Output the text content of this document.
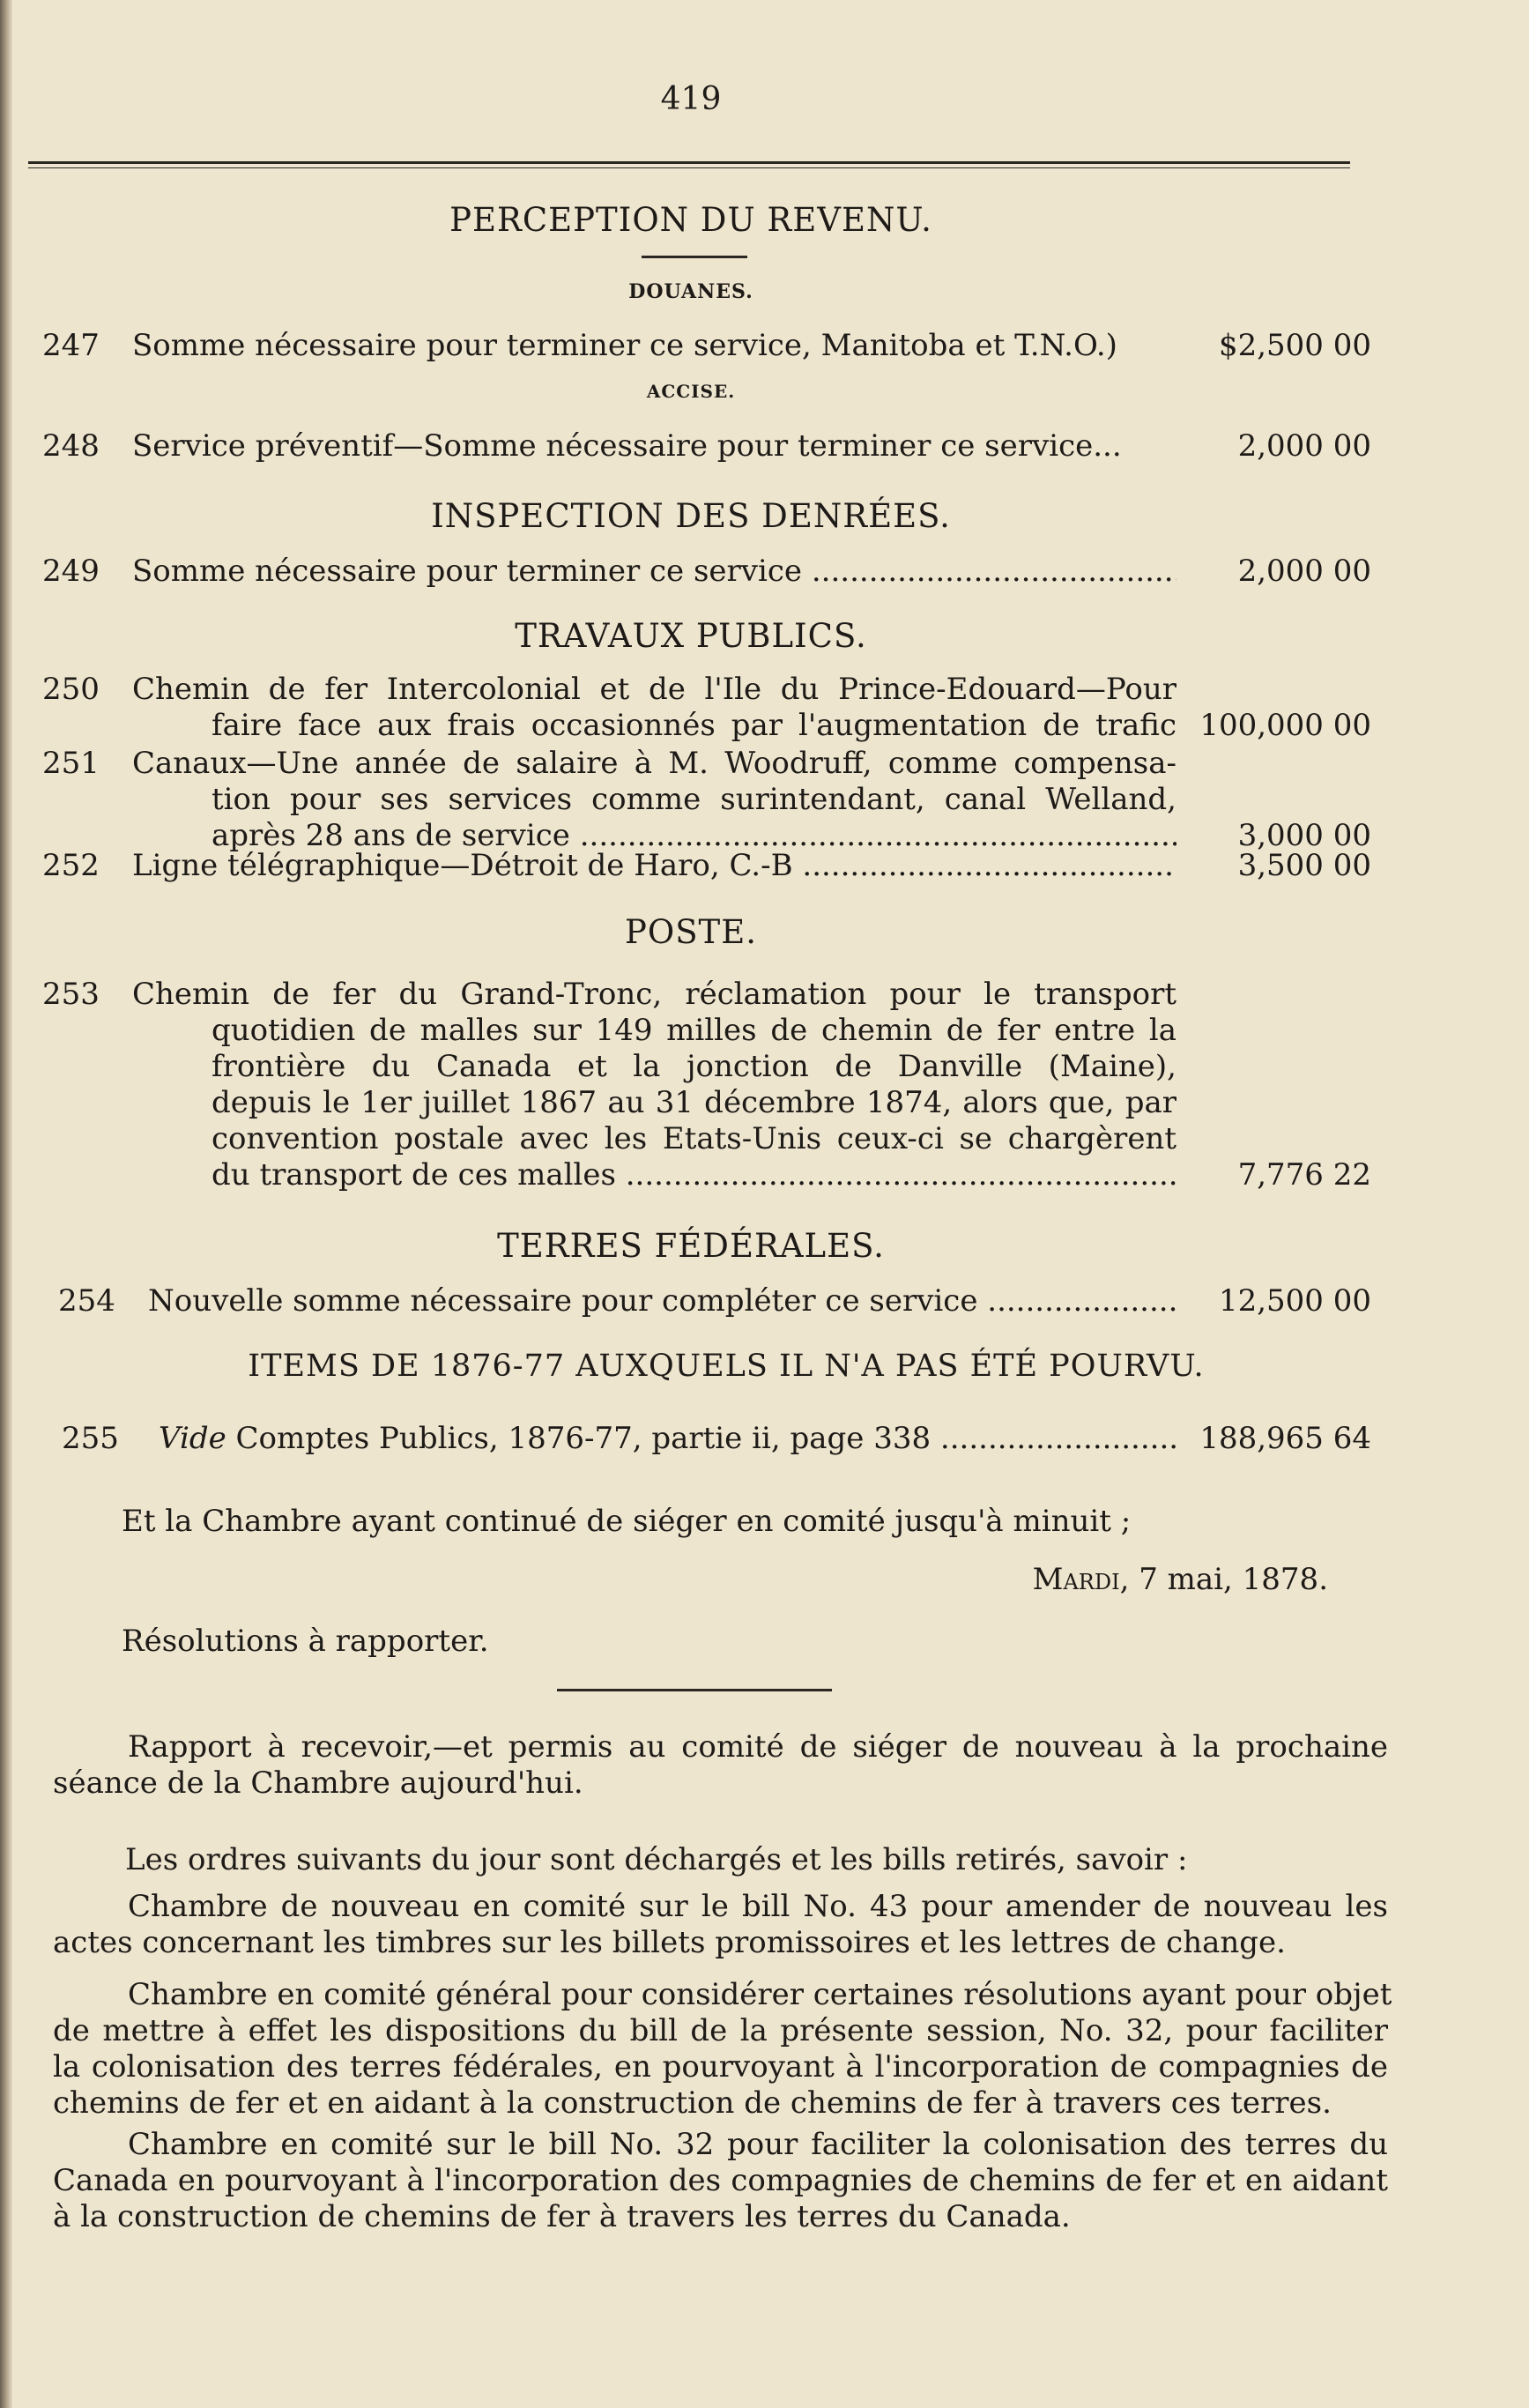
419
PERCEPTION DU REVENU.
DOUANES.
247	Somme nécessaire pour terminer ce service, Manitoba et T.N.O.)	$2,500 00
ACCISE.
248	Service préventif—Somme nécessaire pour terminer ce service...	2,000 00
INSPECTION DES DENRÉES.
249	Somme nécessaire pour terminer ce service .....	2,000 00
TRAVAUX PUBLICS.
250	Chemin de fer Intercolonial et de l'Ile du Prince-Edouard—Pour
faire face aux frais occasionnés par l'augmentation de trafic 100,000 00
251	Canaux—Une année de salaire à M. Woodruff, comme compensa-
tion pour ses services comme surintendant, canal Welland,
après 28 ans de service .....	3,000 00
252	Ligne télégraphique—Détroit de Haro, C.-B .....	3,500 00
POSTE.
253	Chemin de fer du Grand-Tronc, réclamation pour le transport
quotidien de malles sur 149 milles de chemin de fer entre la
frontière du Canada et la jonction de Danville (Maine),
depuis le 1er juillet 1867 au 31 décembre 1874, alors que, par
convention postale avec les Etats-Unis ceux-ci se chargèrent
du transport de ces malles .....	7,776 22
TERRES FÉDÉRALES.
254	Nouvelle somme nécessaire pour compléter ce service .....	12,500 00
ITEMS DE 1876-77 AUXQUELS IL N'A PAS ÉTÉ POURVU.
255	Vide Comptes Publics, 1876-77, partie ii, page 338 .....	188,965 64
Et la Chambre ayant continué de siéger en comité jusqu'à minuit ;
Mardi, 7 mai, 1878.
Résolutions à rapporter.
Rapport à recevoir,—et permis au comité de siéger de nouveau à la prochaine
séance de la Chambre aujourd'hui.
Les ordres suivants du jour sont déchargés et les bills retirés, savoir :
Chambre de nouveau en comité sur le bill No. 43 pour amender de nouveau les
actes concernant les timbres sur les billets promissoires et les lettres de change.
Chambre en comité général pour considérer certaines résolutions ayant pour objet
de mettre à effet les dispositions du bill de la présente session, No. 32, pour faciliter
la colonisation des terres fédérales, en pourvoyant à l'incorporation de compagnies de
chemins de fer et en aidant à la construction de chemins de fer à travers ces terres.
Chambre en comité sur le bill No. 32 pour faciliter la colonisation des terres du
Canada en pourvoyant à l'incorporation des compagnies de chemins de fer et en aidant
à la construction de chemins de fer à travers les terres du Canada.
